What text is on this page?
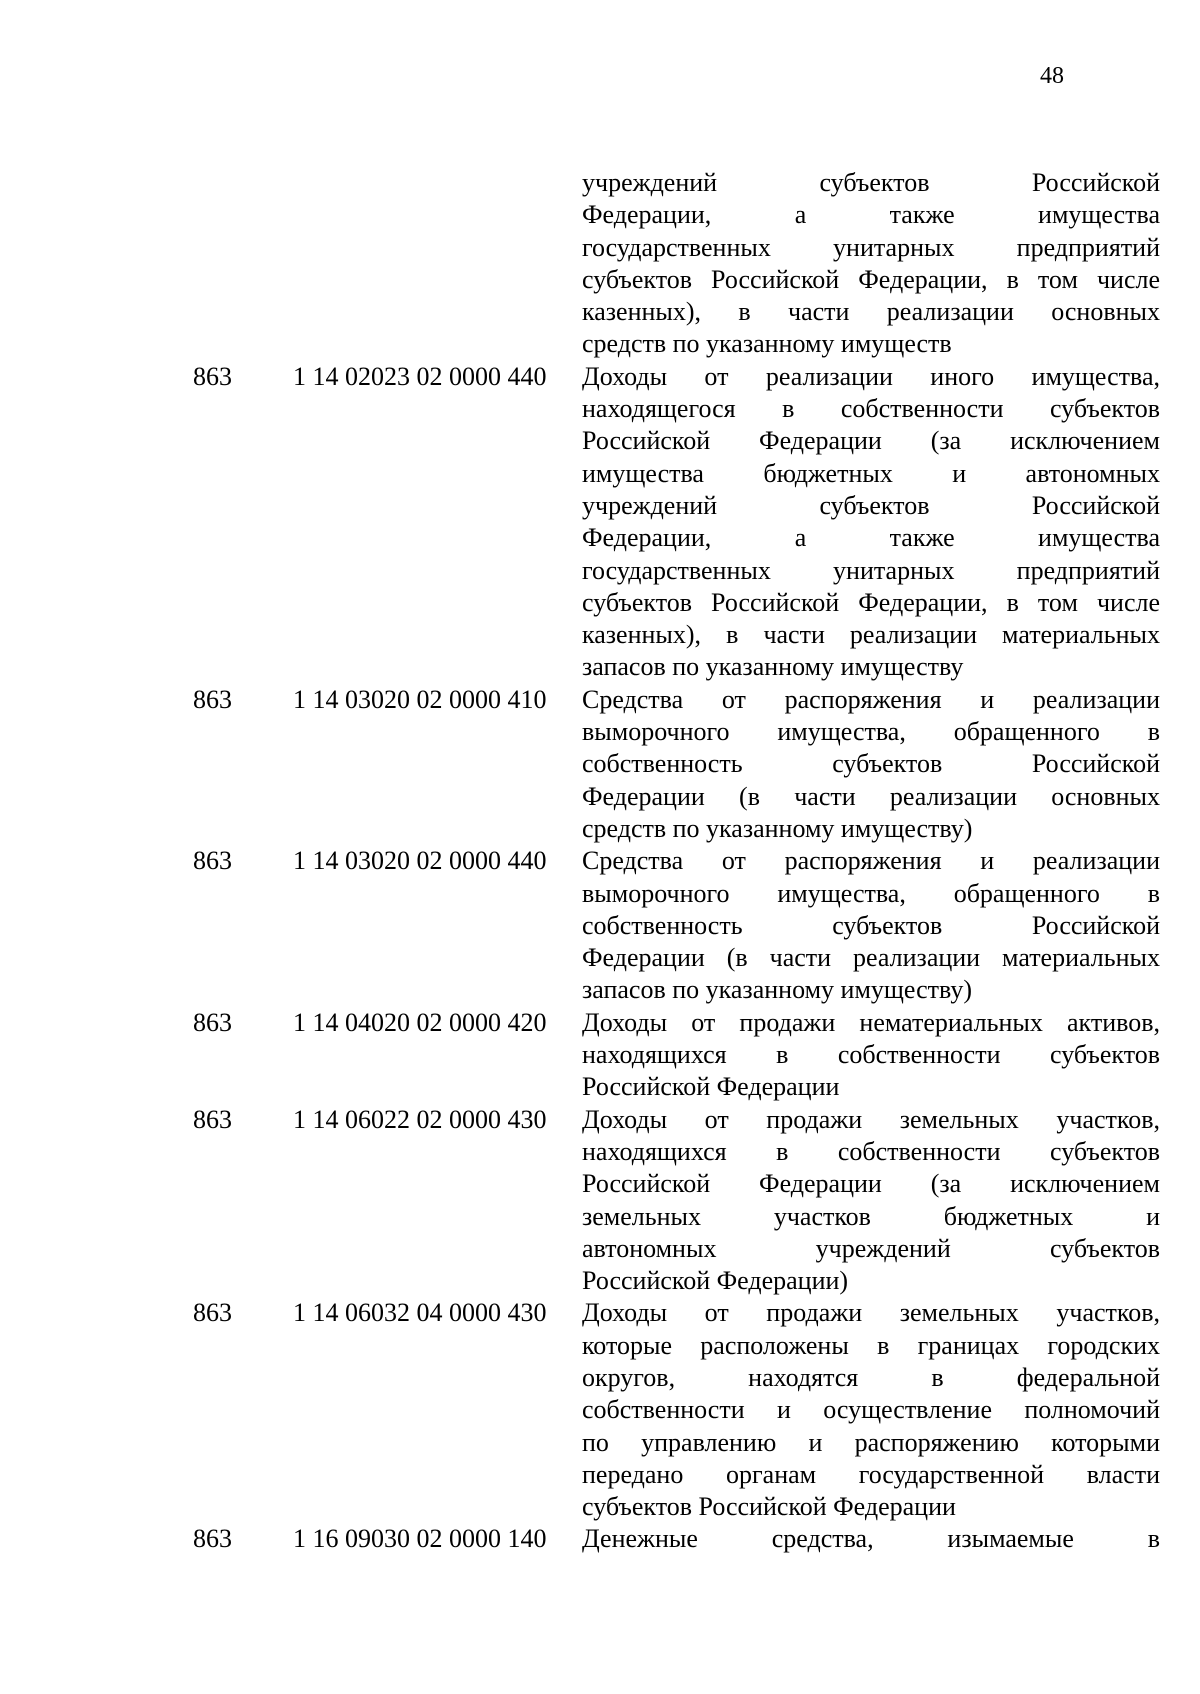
48
учреждений субъектов Российской
Федерации, а также имущества
государственных унитарных предприятий
субъектов Российской Федерации, в том числе
казенных), в части реализации основных
средств по указанному имуществ
863 1 14 02023 02 0000 440 Доходы от реализации иного имущества,
находящегося в собственности субъектов
Российской Федерации (за исключением
имущества бюджетных и автономных
учреждений субъектов Российской
Федерации, а также имущества
государственных унитарных предприятий
субъектов Российской Федерации, в том числе
казенных), в части реализации материальных
запасов по указанному имуществу
863 1 14 03020 02 0000 410 Средства от распоряжения и реализации
выморочного имущества, обращенного в
собственность субъектов Российской
Федерации (в части реализации основных
средств по указанному имуществу)
863 1 14 03020 02 0000 440 Средства от распоряжения и реализации
выморочного имущества, обращенного в
собственность субъектов Российской
Федерации (в части реализации материальных
запасов по указанному имуществу)
863 1 14 04020 02 0000 420 Доходы от продажи нематериальных активов,
находящихся в собственности субъектов
Российской Федерации
863 1 14 06022 02 0000 430 Доходы от продажи земельных участков,
находящихся в собственности субъектов
Российской Федерации (за исключением
земельных участков бюджетных и
автономных учреждений субъектов
Российской Федерации)
863 1 14 06032 04 0000 430 Доходы от продажи земельных участков,
которые расположены в границах городских
округов, находятся в федеральной
собственности и осуществление полномочий
по управлению и распоряжению которыми
передано органам государственной власти
субъектов Российской Федерации
863 1 16 09030 02 0000 140 Денежные средства, изымаемые в
